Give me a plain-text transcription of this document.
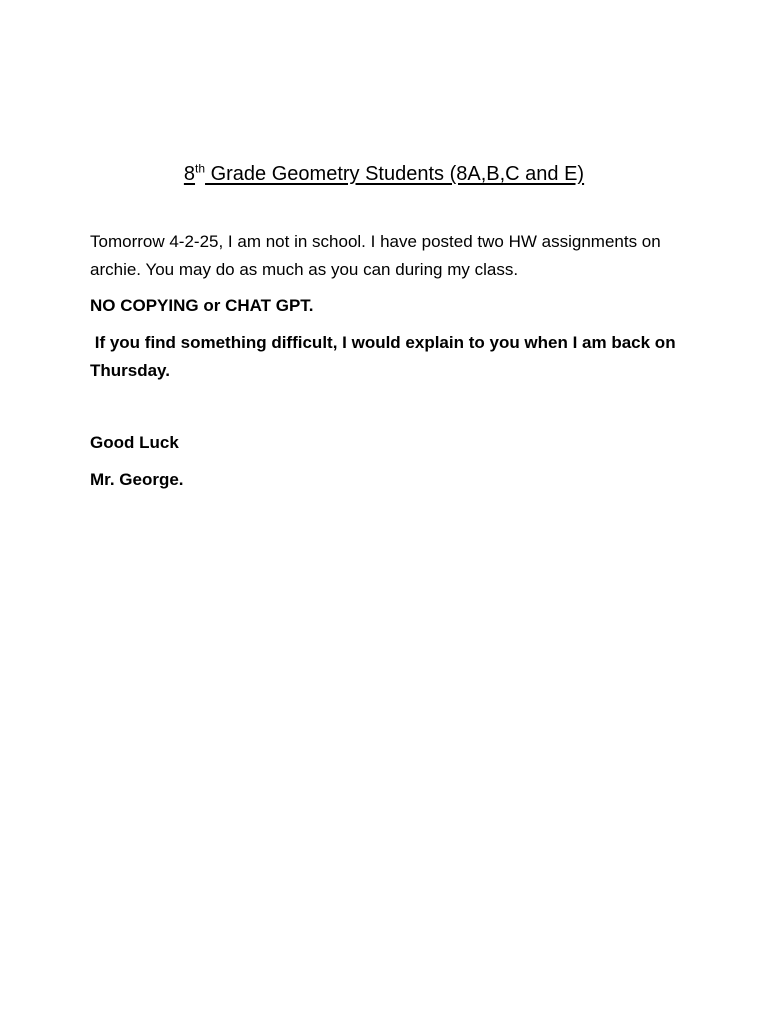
8th Grade Geometry Students (8A,B,C and E)

Tomorrow 4-2-25, I am not in school. I have posted two HW assignments on archie. You may do as much as you can during my class.

NO COPYING or CHAT GPT.

If you find something difficult, I would explain to you when I am back on Thursday.

Good Luck

Mr. George.
